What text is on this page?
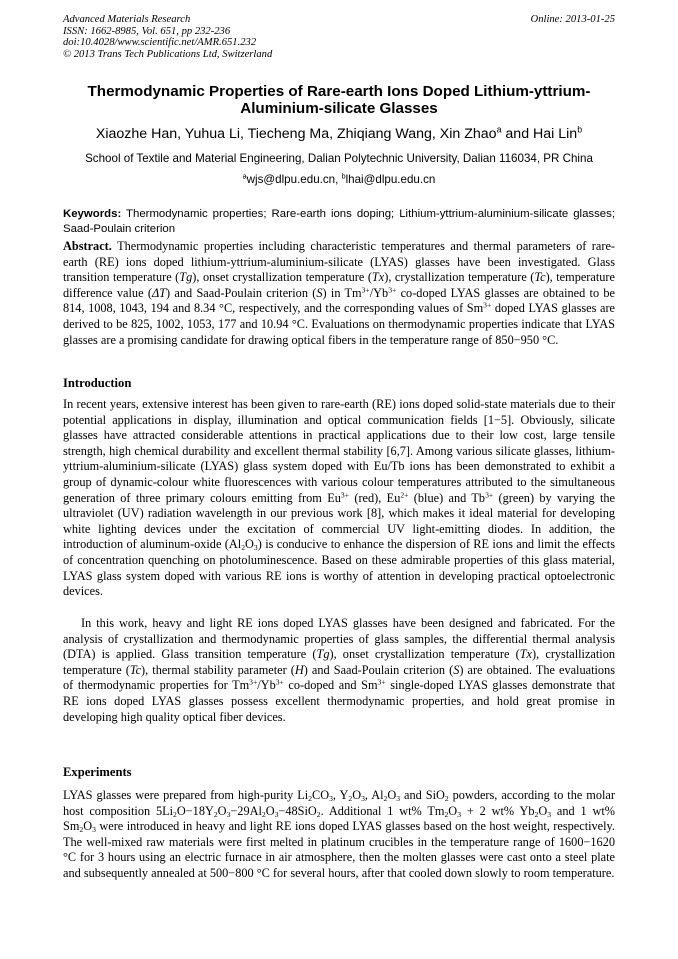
Advanced Materials Research
ISSN: 1662-8985, Vol. 651, pp 232-236
doi:10.4028/www.scientific.net/AMR.651.232
© 2013 Trans Tech Publications Ltd, Switzerland
Online: 2013-01-25
Thermodynamic Properties of Rare-earth Ions Doped Lithium-yttrium-
Aluminium-silicate Glasses
Xiaozhe Han, Yuhua Li, Tiecheng Ma, Zhiqiang Wang, Xin Zhao$^a$ and Hai Lin$^b$
School of Textile and Material Engineering, Dalian Polytechnic University, Dalian 116034, PR China
$^a$wjs@dlpu.edu.cn, $^b$lhai@dlpu.edu.cn
Keywords: Thermodynamic properties; Rare-earth ions doping; Lithium-yttrium-aluminium-silicate glasses; Saad-Poulain criterion
Abstract. Thermodynamic properties including characteristic temperatures and thermal parameters of rare-earth (RE) ions doped lithium-yttrium-aluminium-silicate (LYAS) glasses have been investigated. Glass transition temperature (Tg), onset crystallization temperature (Tx), crystallization temperature (Tc), temperature difference value (ΔT) and Saad-Poulain criterion (S) in $Tm^{3+}/Yb^{3+}$ co-doped LYAS glasses are obtained to be 814, 1008, 1043, 194 and 8.34 °C, respectively, and the corresponding values of $Sm^{3+}$ doped LYAS glasses are derived to be 825, 1002, 1053, 177 and 10.94 °C. Evaluations on thermodynamic properties indicate that LYAS glasses are a promising candidate for drawing optical fibers in the temperature range of 850−950 °C.
Introduction
In recent years, extensive interest has been given to rare-earth (RE) ions doped solid-state materials due to their potential applications in display, illumination and optical communication fields [1−5]. Obviously, silicate glasses have attracted considerable attentions in practical applications due to their low cost, large tensile strength, high chemical durability and excellent thermal stability [6,7]. Among various silicate glasses, lithium-yttrium-aluminium-silicate (LYAS) glass system doped with Eu/Tb ions has been demonstrated to exhibit a group of dynamic-colour white fluorescences with various colour temperatures attributed to the simultaneous generation of three primary colours emitting from $Eu^{3+}$ (red), $Eu^{2+}$ (blue) and $Tb^{3+}$ (green) by varying the ultraviolet (UV) radiation wavelength in our previous work [8], which makes it ideal material for developing white lighting devices under the excitation of commercial UV light-emitting diodes. In addition, the introduction of aluminum-oxide $(Al_2O_3)$ is conducive to enhance the dispersion of RE ions and limit the effects of concentration quenching on photoluminescence. Based on these admirable properties of this glass material, LYAS glass system doped with various RE ions is worthy of attention in developing practical optoelectronic devices.
In this work, heavy and light RE ions doped LYAS glasses have been designed and fabricated. For the analysis of crystallization and thermodynamic properties of glass samples, the differential thermal analysis (DTA) is applied. Glass transition temperature (Tg), onset crystallization temperature (Tx), crystallization temperature (Tc), thermal stability parameter (H) and Saad-Poulain criterion (S) are obtained. The evaluations of thermodynamic properties for $Tm^{3+}/Yb^{3+}$ co-doped and $Sm^{3+}$ single-doped LYAS glasses demonstrate that RE ions doped LYAS glasses possess excellent thermodynamic properties, and hold great promise in developing high quality optical fiber devices.
Experiments
LYAS glasses were prepared from high-purity $Li_2CO_3$, $Y_2O_3$, $Al_2O_3$ and SiO$_2$ powders, according to the molar host composition $5Li_2O-18Y_2O_3-29Al_2O_3-48SiO_2$. Additional 1 wt% $Tm_2O_3 + 2$ wt% $Yb_2O_3$ and 1 wt% $Sm_2O_3$ were introduced in heavy and light RE ions doped LYAS glasses based on the host weight, respectively. The well-mixed raw materials were first melted in platinum crucibles in the temperature range of 1600−1620 °C for 3 hours using an electric furnace in air atmosphere, then the molten glasses were cast onto a steel plate and subsequently annealed at 500−800 °C for several hours, after that cooled down slowly to room temperature.
